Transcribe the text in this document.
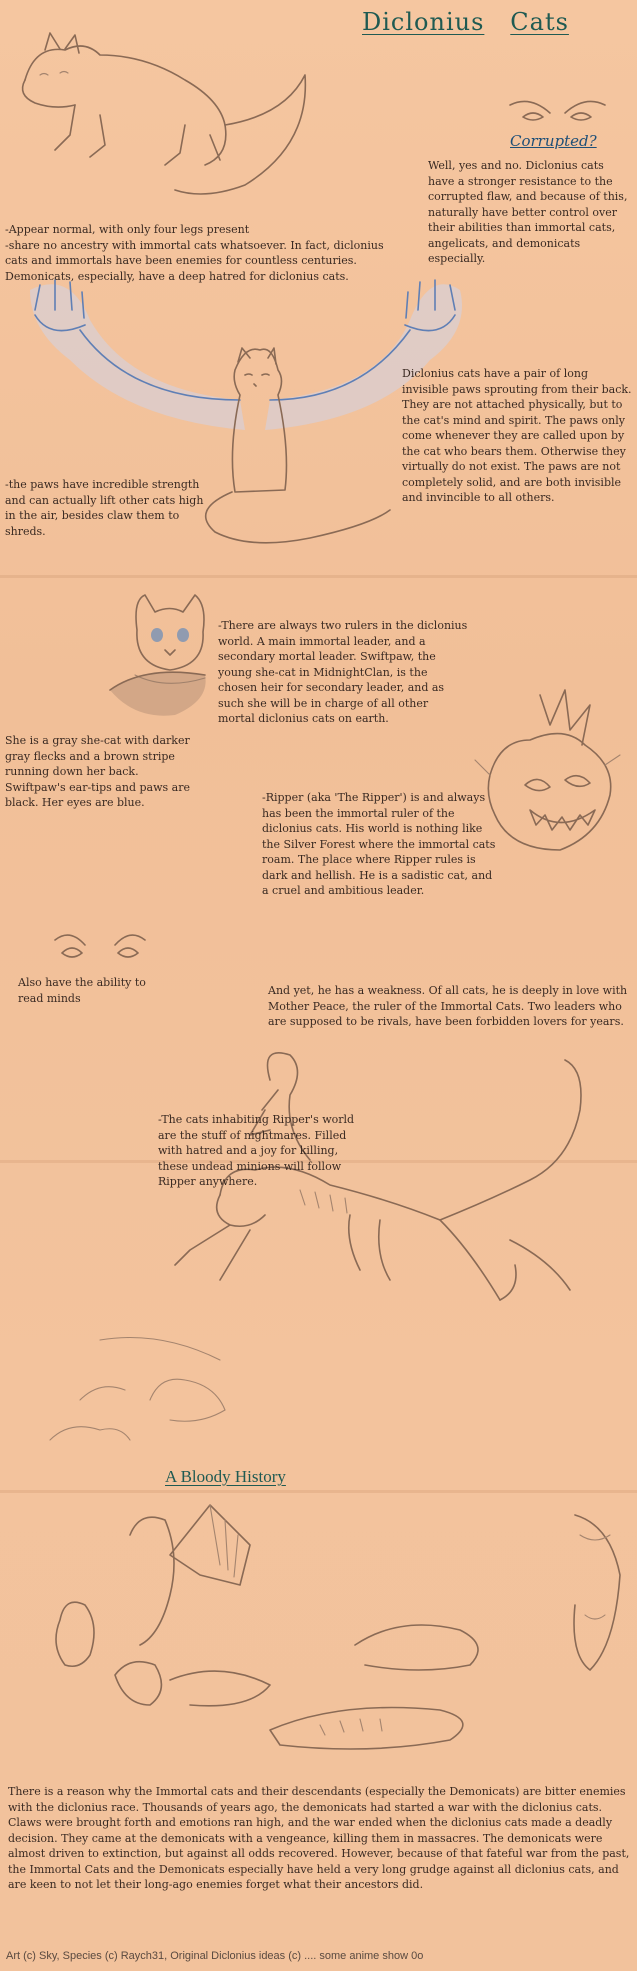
Diclonius Cats
Corrupted?

Well, yes and no. Diclonius cats have a stronger resistance to the corrupted flaw, and because of this, naturally have better control over their abilities than immortal cats, angelicats, and demonicats especially.

-Appear normal, with only four legs present
-share no ancestry with immortal cats whatsoever. In fact, diclonius cats and immortals have been enemies for countless centuries. Demonicats, especially, have a deep hatred for diclonius cats.

Diclonius cats have a pair of long invisible paws sprouting from their back. They are not attached physically, but to the cat's mind and spirit. The paws only come whenever they are called upon by the cat who bears them. Otherwise they virtually do not exist. The paws are not completely solid, and are both invisible and invincible to all others.

-the paws have incredible strength and can actually lift other cats high in the air, besides claw them to shreds.

-There are always two rulers in the diclonius world. A main immortal leader, and a secondary mortal leader. Swiftpaw, the young she-cat in MidnightClan, is the chosen heir for secondary leader, and as such she will be in charge of all other mortal diclonius cats on earth.

She is a gray she-cat with darker gray flecks and a brown stripe running down her back. Swiftpaw's ear-tips and paws are black. Her eyes are blue.	-Ripper (aka 'The Ripper') is and always has been the immortal ruler of the diclonius cats. His world is nothing like the Silver Forest where the immortal cats roam. The place where Ripper rules is dark and hellish. He is a sadistic cat, and a cruel and ambitious leader.

Also have the ability to read minds

And yet, he has a weakness. Of all cats, he is deeply in love with Mother Peace, the ruler of the Immortal Cats. Two leaders who are supposed to be rivals, have been forbidden lovers for years.

-The cats inhabiting Ripper's world are the stuff of nightmares. Filled with hatred and a joy for killing, these undead minions will follow Ripper anywhere.

A Bloody History

There is a reason why the Immortal cats and their descendants (especially the Demonicats) are bitter enemies with the diclonius race. Thousands of years ago, the demonicats had started a war with the diclonius cats. Claws were brought forth and emotions ran high, and the war ended when the diclonius cats made a deadly decision. They came at the demonicats with a vengeance, killing them in massacres. The demonicats were almost driven to extinction, but against all odds recovered. However, because of that fateful war from the past, the Immortal Cats and the Demonicats especially have held a very long grudge against all diclonius cats, and are keen to not let their long-ago enemies forget what their ancestors did.

Art (c) Sky, Species (c) Raych31, Original Diclonius ideas (c) .... some anime show 0o
